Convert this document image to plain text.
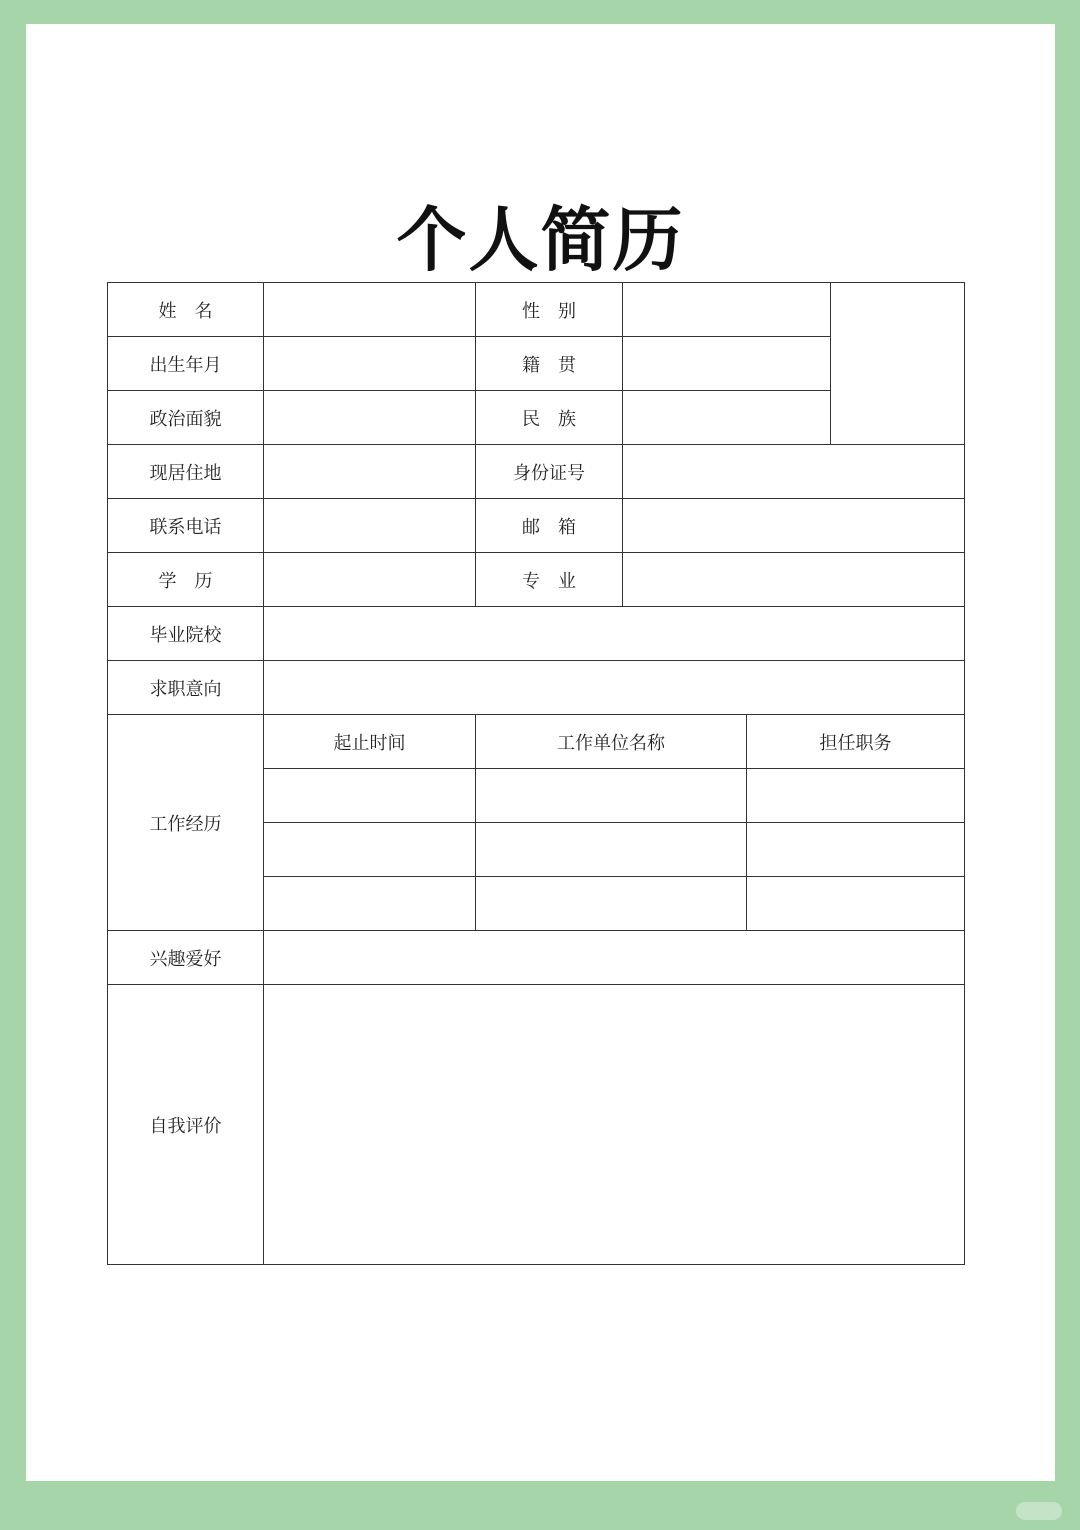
个人简历
姓　名		性　别			
出生年月		籍　贯			
政治面貌		民　族			
现居住地		身份证号			
联系电话		邮　箱			
学　历		专　业			
毕业院校					
求职意向					
工作经历	起止时间	工作单位名称		担任职务	

兴趣爱好					
自我评价					
